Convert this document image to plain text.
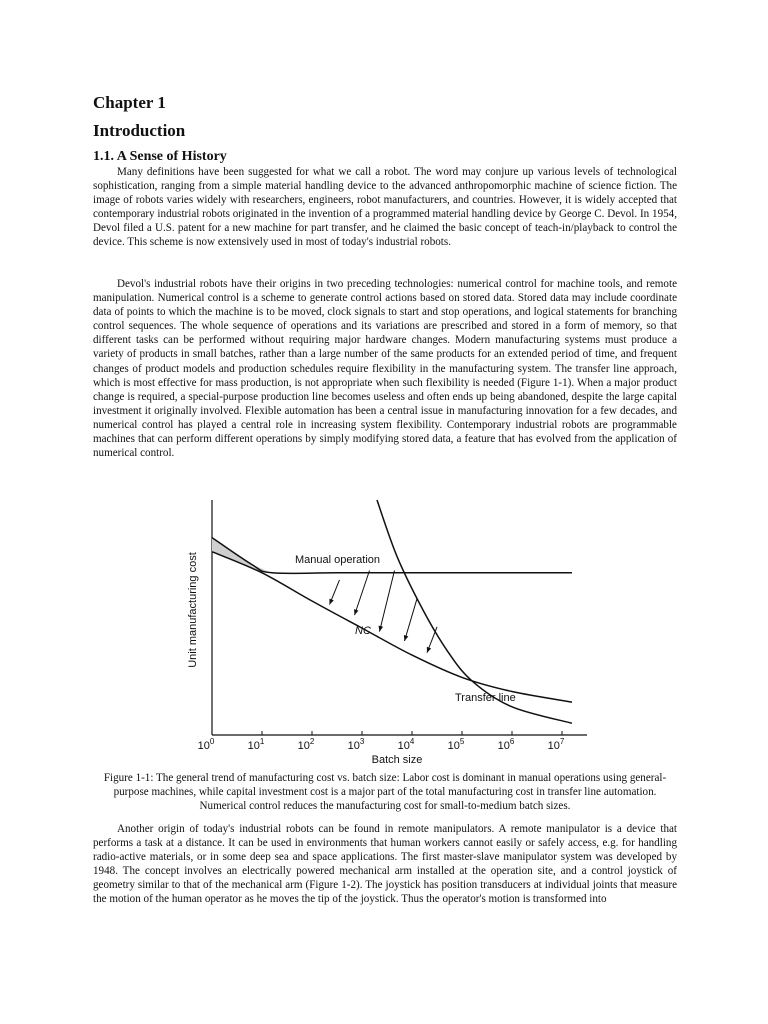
Chapter 1
Introduction
1.1. A Sense of History

Many definitions have been suggested for what we call a robot. The word may conjure up various levels of technological sophistication, ranging from a simple material handling device to the advanced anthropomorphic machine of science fiction. The image of robots varies widely with researchers, engineers, robot manufacturers, and countries. However, it is widely accepted that contemporary industrial robots originated in the invention of a programmed material handling device by George C. Devol. In 1954, Devol filed a U.S. patent for a new machine for part transfer, and he claimed the basic concept of teach-in/playback to control the device. This scheme is now extensively used in most of today's industrial robots.

Devol's industrial robots have their origins in two preceding technologies: numerical control for machine tools, and remote manipulation. Numerical control is a scheme to generate control actions based on stored data. Stored data may include coordinate data of points to which the machine is to be moved, clock signals to start and stop operations, and logical statements for branching control sequences. The whole sequence of operations and its variations are prescribed and stored in a form of memory, so that different tasks can be performed without requiring major hardware changes. Modern manufacturing systems must produce a variety of products in small batches, rather than a large number of the same products for an extended period of time, and frequent changes of product models and production schedules require flexibility in the manufacturing system. The transfer line approach, which is most effective for mass production, is not appropriate when such flexibility is needed (Figure 1-1). When a major product change is required, a special-purpose production line becomes useless and often ends up being abandoned, despite the large capital investment it originally involved. Flexible automation has been a central issue in manufacturing innovation for a few decades, and numerical control has played a central role in increasing system flexibility. Contemporary industrial robots are programmable machines that can perform different operations by simply modifying stored data, a feature that has evolved from the application of numerical control.

Another origin of today's industrial robots can be found in remote manipulators. A remote manipulator is a device that performs a task at a distance. It can be used in environments that human workers cannot easily or safely access, e.g. for handling radio-active materials, or in some deep sea and space applications. The first master-slave manipulator system was developed by 1948. The concept involves an electrically powered mechanical arm installed at the operation site, and a control joystick of geometry similar to that of the mechanical arm (Figure 1-2). The joystick has position transducers at individual joints that measure the motion of the human operator as he moves the tip of the joystick. Thus the operator's motion is transformed into

Unit manufacturing cost
Batch size
Manual operation
NC
Transfer line
$10^0$	$10^1$	$10^2$	$10^3$	$10^4$	$10^5$	$10^6$	$10^7$

Figure 1-1: The general trend of manufacturing cost vs. batch size: Labor cost is dominant in manual operations using general-purpose machines, while capital investment cost is a major part of the total manufacturing cost in transfer line automation. Numerical control reduces the manufacturing cost for small-to-medium batch sizes.
